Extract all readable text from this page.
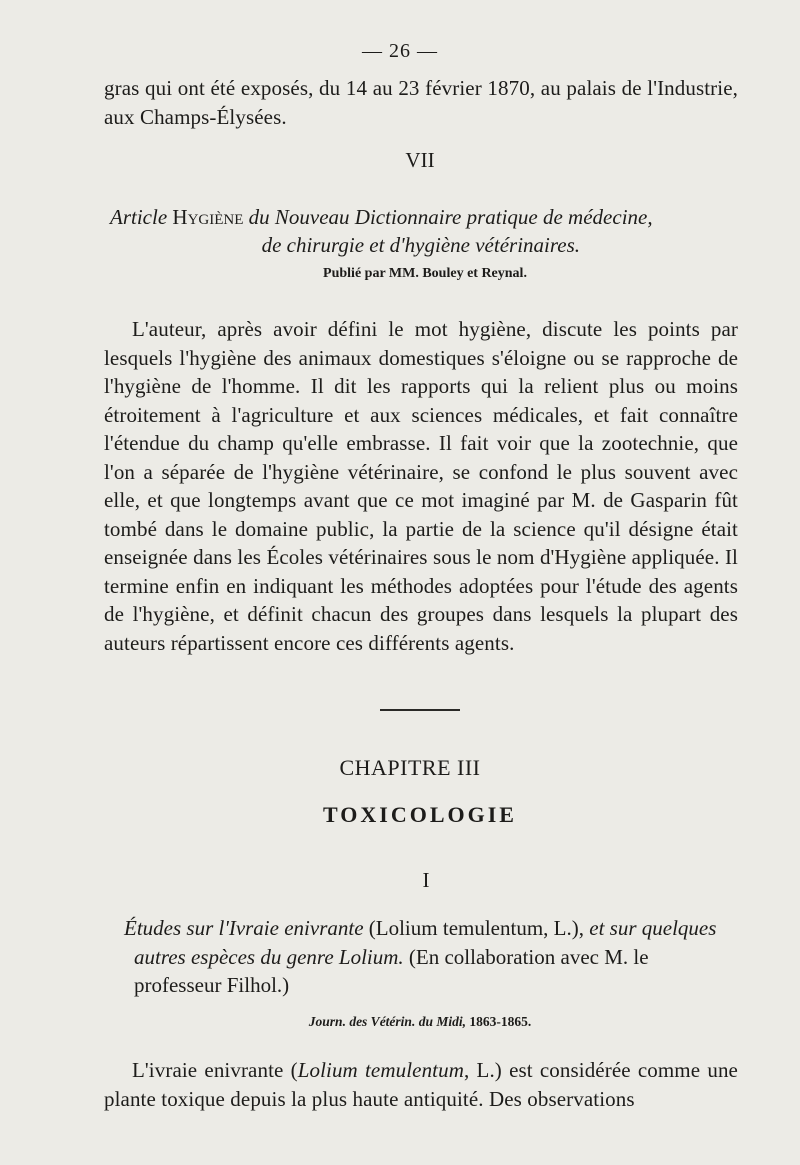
— 26 —
gras qui ont été exposés, du 14 au 23 février 1870, au palais de l'Industrie, aux Champs-Élysées.
VII
Article Hygiène du Nouveau Dictionnaire pratique de médecine,
de chirurgie et d'hygiène vétérinaires.
Publié par MM. Bouley et Reynal.
L'auteur, après avoir défini le mot hygiène, discute les points par lesquels l'hygiène des animaux domestiques s'éloigne ou se rapproche de l'hygiène de l'homme. Il dit les rapports qui la relient plus ou moins étroitement à l'agriculture et aux sciences médicales, et fait connaître l'étendue du champ qu'elle embrasse. Il fait voir que la zootechnie, que l'on a séparée de l'hygiène vétérinaire, se confond le plus souvent avec elle, et que longtemps avant que ce mot imaginé par M. de Gasparin fût tombé dans le domaine public, la partie de la science qu'il désigne était enseignée dans les Écoles vétérinaires sous le nom d'Hygiène appliquée. Il termine enfin en indiquant les méthodes adoptées pour l'étude des agents de l'hygiène, et définit chacun des groupes dans lesquels la plupart des auteurs répartissent encore ces différents agents.
CHAPITRE III
TOXICOLOGIE
I
Études sur l'Ivraie enivrante (Lolium temulentum, L.), et sur quelques autres espèces du genre Lolium. (En collaboration avec M. le professeur Filhol.)
Journ. des Vétérin. du Midi, 1863-1865.
L'ivraie enivrante (Lolium temulentum, L.) est considérée comme une plante toxique depuis la plus haute antiquité. Des observations
